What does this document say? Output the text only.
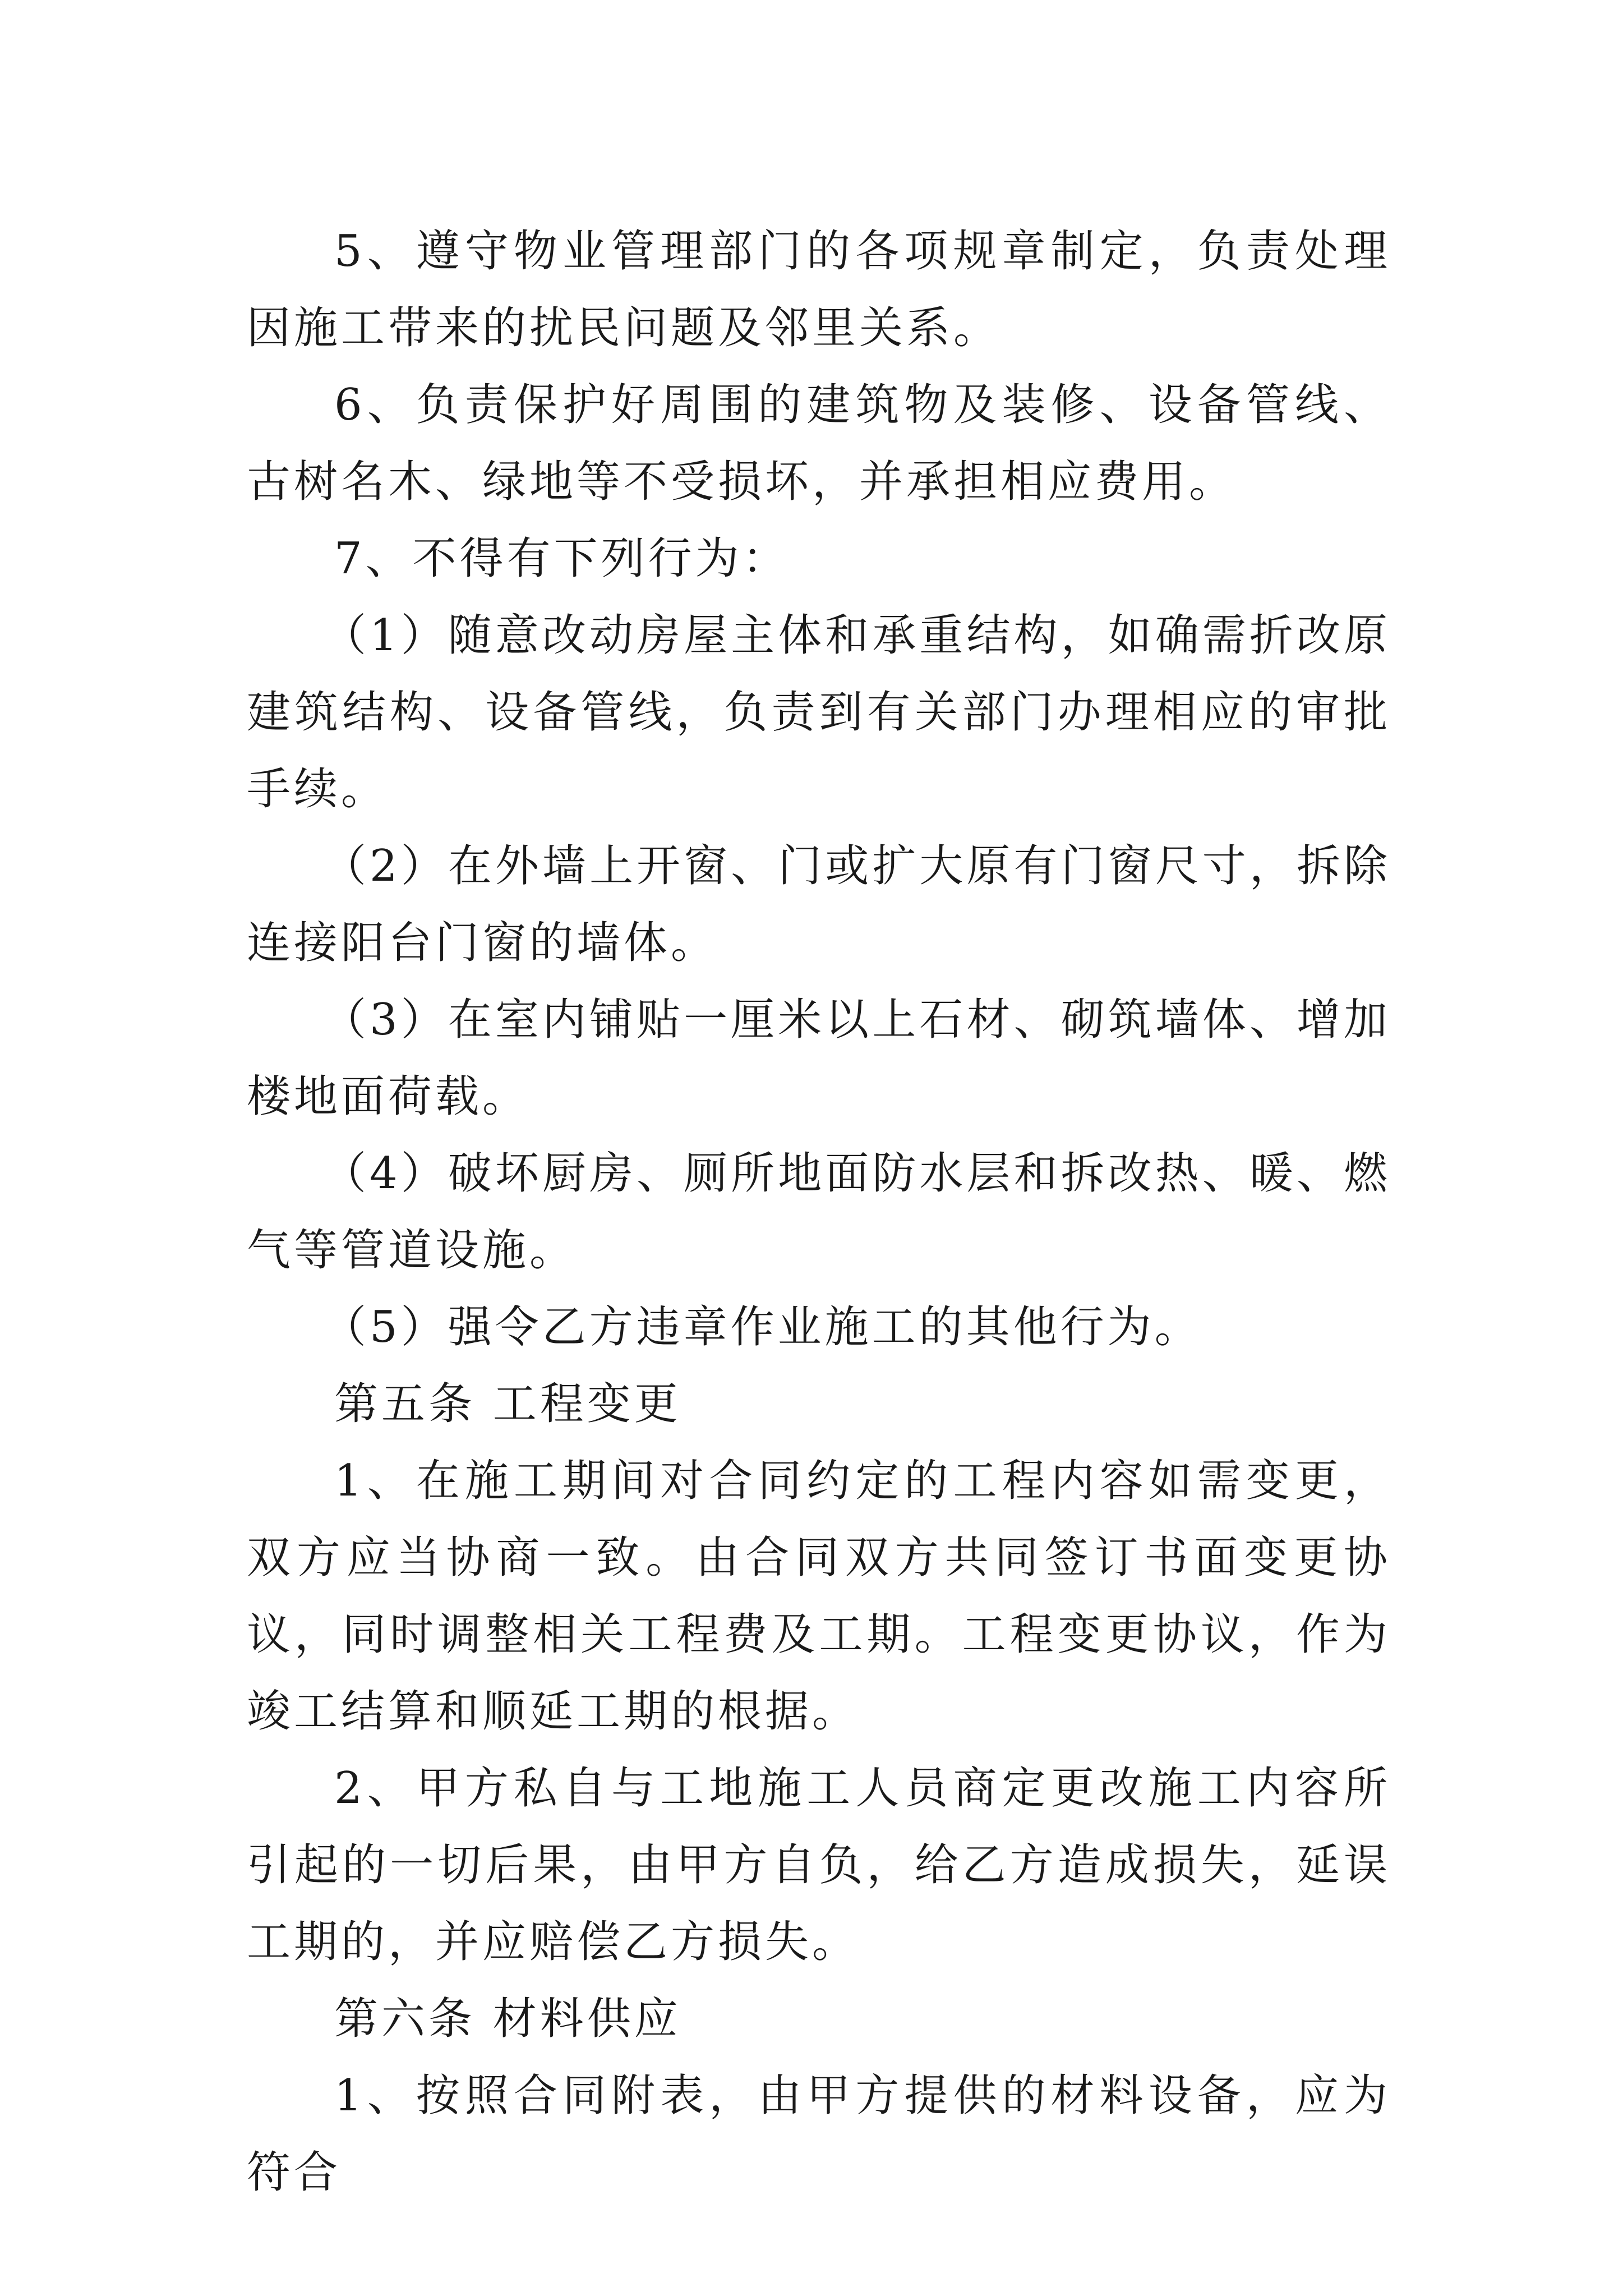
5、遵守物业管理部门的各项规章制定，负责处理因施工带来的扰民问题及邻里关系。

6、负责保护好周围的建筑物及装修、设备管线、古树名木、绿地等不受损坏，并承担相应费用。

7、不得有下列行为：

（1）随意改动房屋主体和承重结构，如确需折改原建筑结构、设备管线，负责到有关部门办理相应的审批手续。

（2）在外墙上开窗、门或扩大原有门窗尺寸，拆除连接阳台门窗的墙体。

（3）在室内铺贴一厘米以上石材、砌筑墙体、增加楼地面荷载。

（4）破坏厨房、厕所地面防水层和拆改热、暖、燃气等管道设施。

（5）强令乙方违章作业施工的其他行为。

第五条 工程变更

1、在施工期间对合同约定的工程内容如需变更，双方应当协商一致。由合同双方共同签订书面变更协议，同时调整相关工程费及工期。工程变更协议，作为竣工结算和顺延工期的根据。

2、甲方私自与工地施工人员商定更改施工内容所引起的一切后果，由甲方自负，给乙方造成损失，延误工期的，并应赔偿乙方损失。

第六条 材料供应

1、按照合同附表，由甲方提供的材料设备，应为符合
